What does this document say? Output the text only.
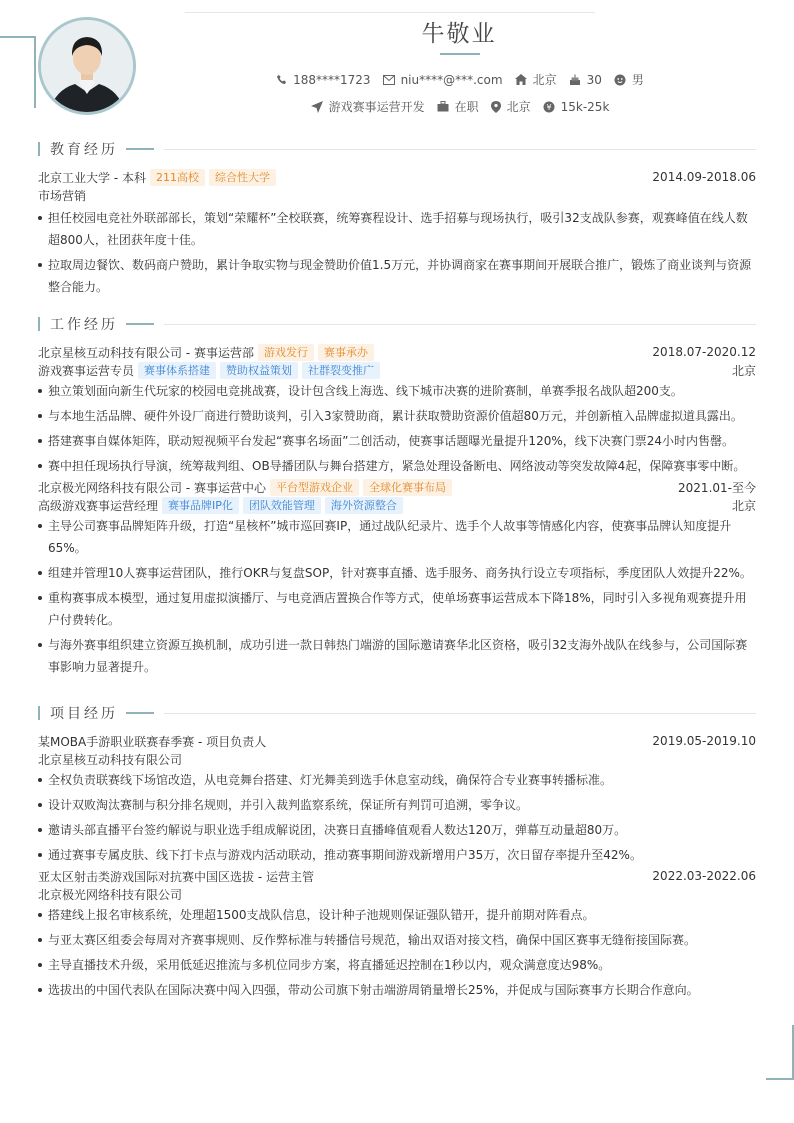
牛敬业
188****1723	niu****@***.com	北京	30	男
游戏赛事运营开发	在职 北京 ¥ 15k-25k
教育经历
北京工业大学 - 本科 211高校	综合性大学	2014.09-2018.06
市场营销
担任校园电竞社外联部部长，策划“荣耀杯”全校联赛，统筹赛程设计、选手招募与现场执行，吸引32支战队参赛，观赛峰值在线人数超800人，社团获年度十佳。
拉取周边餐饮、数码商户赞助，累计争取实物与现金赞助价值1.5万元，并协调商家在赛事期间开展联合推广，锻炼了商业谈判与资源整合能力。
工作经历
北京星核互动科技有限公司 - 赛事运营部 游戏发行	赛事承办	2018.07-2020.12
游戏赛事运营专员 赛事体系搭建	赞助权益策划	社群裂变推广	北京
独立策划面向新生代玩家的校园电竞挑战赛，设计包含线上海选、线下城市决赛的进阶赛制，单赛季报名战队超200支。
与本地生活品牌、硬件外设厂商进行赞助谈判，引入3家赞助商，累计获取赞助资源价值超80万元，并创新植入品牌虚拟道具露出。
搭建赛事自媒体矩阵，联动短视频平台发起“赛事名场面”二创活动，使赛事话题曝光量提升120%，线下决赛门票24小时内售罄。
赛中担任现场执行导演，统筹裁判组、OB导播团队与舞台搭建方，紧急处理设备断电、网络波动等突发故障4起，保障赛事零中断。
北京极光网络科技有限公司 - 赛事运营中心 平台型游戏企业	全球化赛事布局	2021.01-至今
高级游戏赛事运营经理 赛事品牌IP化	团队效能管理	海外资源整合	北京
主导公司赛事品牌矩阵升级，打造“星核杯”城市巡回赛IP，通过战队纪录片、选手个人故事等情感化内容，使赛事品牌认知度提升65%。
组建并管理10人赛事运营团队，推行OKR与复盘SOP，针对赛事直播、选手服务、商务执行设立专项指标，季度团队人效提升22%。
重构赛事成本模型，通过复用虚拟演播厅、与电竞酒店置换合作等方式，使单场赛事运营成本下降18%，同时引入多视角观赛提升用户付费转化。
与海外赛事组织建立资源互换机制，成功引进一款日韩热门端游的国际邀请赛华北区资格，吸引32支海外战队在线参与，公司国际赛事影响力显著提升。
项目经历
某MOBA手游职业联赛春季赛 - 项目负责人	2019.05-2019.10
北京星核互动科技有限公司
全权负责联赛线下场馆改造，从电竞舞台搭建、灯光舞美到选手休息室动线，确保符合专业赛事转播标准。
设计双败淘汰赛制与积分排名规则，并引入裁判监察系统，保证所有判罚可追溯，零争议。
邀请头部直播平台签约解说与职业选手组成解说团，决赛日直播峰值观看人数达120万，弹幕互动量超80万。
通过赛事专属皮肤、线下打卡点与游戏内活动联动，推动赛事期间游戏新增用户35万，次日留存率提升至42%。
亚太区射击类游戏国际对抗赛中国区选拔 - 运营主管	2022.03-2022.06
北京极光网络科技有限公司
搭建线上报名审核系统，处理超1500支战队信息，设计种子池规则保证强队错开，提升前期对阵看点。
与亚太赛区组委会每周对齐赛事规则、反作弊标准与转播信号规范，输出双语对接文档，确保中国区赛事无缝衔接国际赛。
主导直播技术升级，采用低延迟推流与多机位同步方案，将直播延迟控制在1秒以内，观众满意度达98%。
选拔出的中国代表队在国际决赛中闯入四强，带动公司旗下射击端游周销量增长25%，并促成与国际赛事方长期合作意向。
